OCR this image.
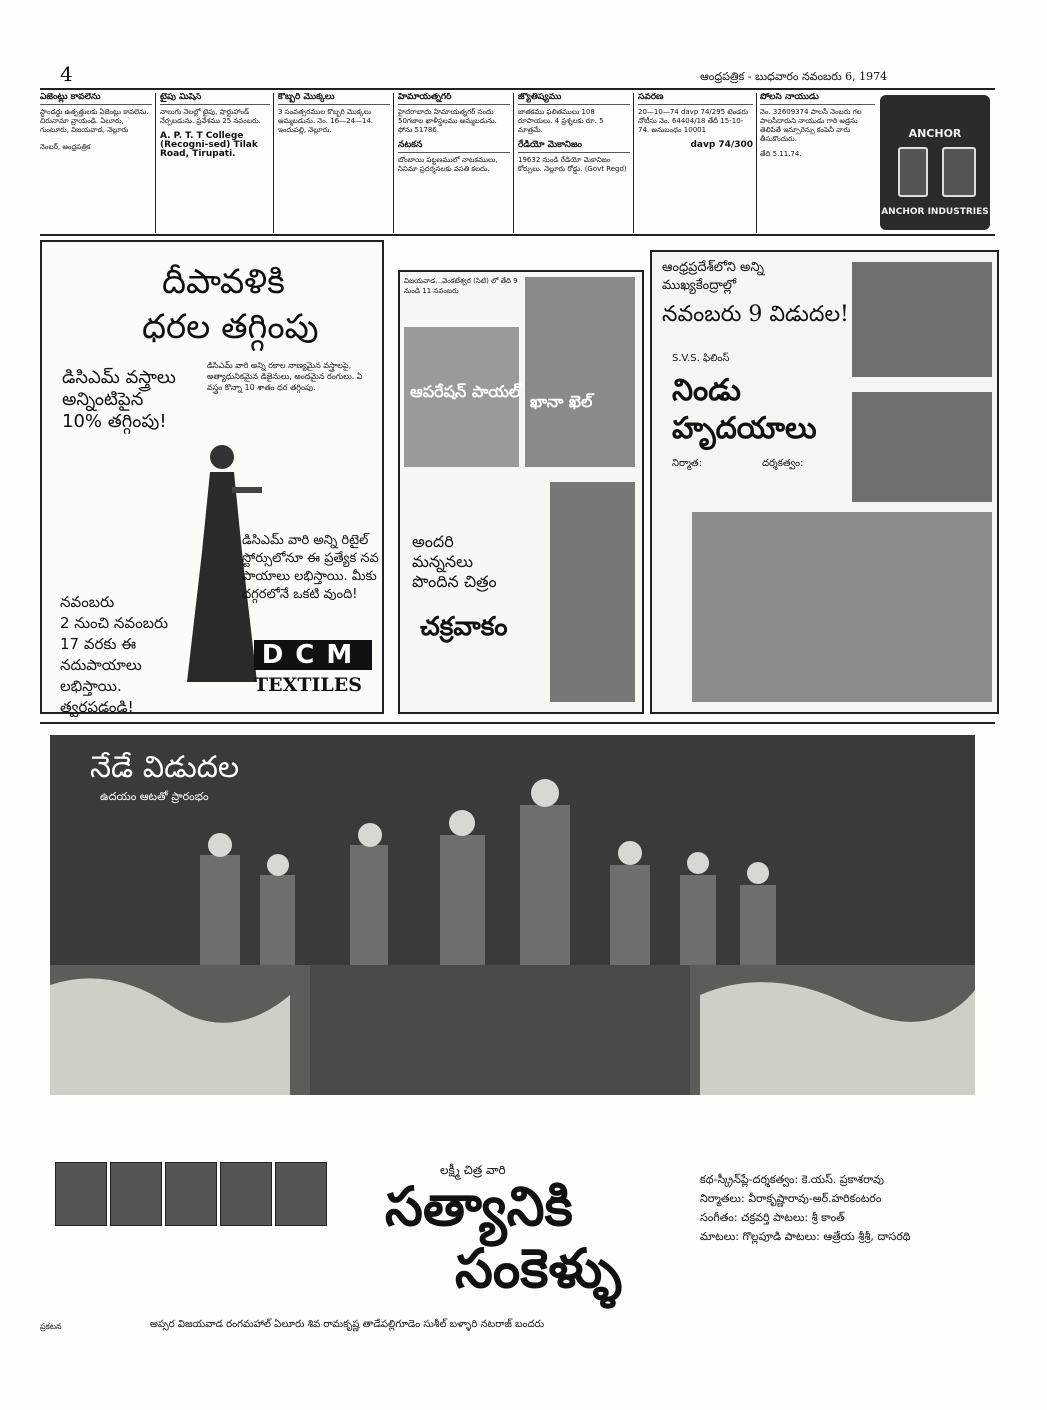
4	ఆంధ్రపత్రిక - బుధవారం నవంబరు 6, 1974
ఏజెంట్లు కావలెను
స్టాండర్డు ఉత్పత్తులకు ఏజెంట్లు కావలెను. చిరునామా వ్రాయండి. ఏలూరు, గుంటూరు, విజయవాడ, నెల్లూరు
నెంబర్, ఆంధ్రపత్రిక
టైపు మిషిన్
నాలుగు నెలల్లో టైపు, షార్టుహాండ్ నేర్పబడును. ప్రవేశము 25 నవంబరు.
A. P. T. T College (Recogni-sed) Tilak Road, Tirupati.
కొబ్బరి మొక్కలు
3 సంవత్సరముల కొబ్బరి మొక్కలు అమ్మబడును. నెం. 16—24—14. ఇందుపల్లి, నెల్లూరు.
హిమాయత్నగర్
హైదరాబాదు హిమాయత్నగర్ నందు 50గజాల ఖాళీస్థలము అమ్మబడును. ఫోను 51786.
నటకన
బొంబాయి పట్టణములో నాటకములు, సినిమా ప్రదర్శనలకు వసతి కలదు.
జ్యోతిష్యము
జాతకము ఫలితములు 108 రూపాయలు. 4 ప్రశ్నలకు రూ. 5 మాత్రమే.
రేడియో మెకానిజం
19632 నుండి రేడియో మెకానిజం కోర్సులు. నెల్లూరు రోడ్డు. (Govt Regd)
సవరణ
20—10—74 davp 74/295 టెండరు నోటీసు నెం. 64404/18 తేదీ 15-10-74. అనుబంధం 10001
davp 74/300
పోలసి నాయుడు
నెం. 32609374 పాలసీ నెంబరు గల పాలసీదారుని నాయుడు గారి అడ్రసు తెలిపితే ఇన్సూరెన్సు కంపెనీ వారు తీసుకొందురు.
తేది 5.11.74.
ANCHOR
ANCHOR INDUSTRIES
దీపావళికి
ధరల తగ్గింపు
డిసిఎమ్ వస్త్రాలు
అన్నింటిపైన
10% తగ్గింపు!
డిసిఎమ్ వారి అన్ని రకాల నాణ్యమైన వస్త్రాలపై, అత్యాధునికమైన డిజైనులు, అందమైన రంగులు. ఏ వస్త్రం కొన్నా 10 శాతం ధర తగ్గింపు.
డిసిఎమ్ వారి అన్ని రిటైల్ స్టోర్సులోనూ ఈ ప్రత్యేక నవ పాయాలు లభిస్తాయి. మీకు దగ్గరలోనే ఒకటి వుంది!
నవంబరు
2 నుంచి నవంబరు
17 వరకు ఈ
నదుపాయాలు
లభిస్తాయి.
త్వరపడండి!
DCM
TEXTILES
విజయవాడ...వెంకటేశ్వర (సిటి) లో తేది 9 నుండి 11 నవంబరు
ఆపరేషన్ పాయల్
ఖానా ఖెల్
అందరి
మన్ననలు
పొందిన చిత్రం
చక్రవాకం
ఆంధ్రప్రదేశ్‌లోని అన్ని ముఖ్యకేంద్రాల్లో
నవంబరు 9 విడుదల!
S.V.S. ఫిలింస్
నిండు హృదయాలు
నిర్మాత:	దర్శకత్వం:
నేడే విడుదల
ఉదయం ఆటతో ప్రారంభం
లక్ష్మీ చిత్ర వారి
సత్యానికి
సంకెళ్ళు
కథ-స్క్రీన్‌ప్లే-దర్శకత్వం: కె.యస్. ప్రకాశరావు
నిర్మాతలు: వీరాకృష్ణారావు-అర్.హరికంటరం
సంగీతం: చక్రవర్తి పాటలు: శ్రీ కాంత్
మాటలు: గొల్లపూడి పాటలు: ఆత్రేయ శ్రీశ్రీ, దాసరథి
ప్రకటన	అప్సర విజయవాడ రంగమహాల్ ఏలూరు శివ రామకృష్ణ తాడేపల్లిగూడెం సుశీల్ బళ్ళారి నటరాజ్ బందరు
